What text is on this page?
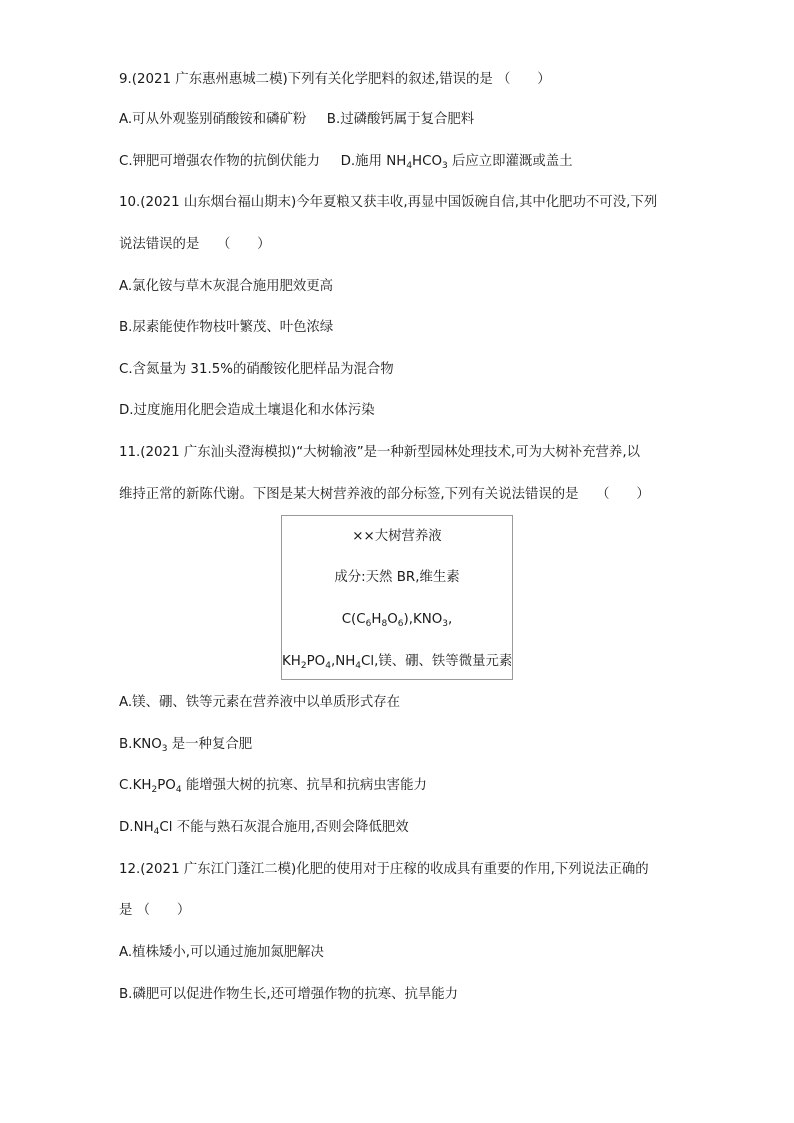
9.(2021 广东惠州惠城二模)下列有关化学肥料的叙述,错误的是 （　　）
A.可从外观鉴别硝酸铵和磷矿粉 B.过磷酸钙属于复合肥料
C.钾肥可增强农作物的抗倒伏能力 D.施用 $NH_4HCO_3$ 后应立即灌溉或盖土
10.(2021 山东烟台福山期末)今年夏粮又获丰收,再显中国饭碗自信,其中化肥功不可没,下列
说法错误的是　 （　　）
A.氯化铵与草木灰混合施用肥效更高
B.尿素能使作物枝叶繁茂、叶色浓绿
C.含氮量为 31.5%的硝酸铵化肥样品为混合物
D.过度施用化肥会造成土壤退化和水体污染
11.(2021 广东汕头澄海模拟)“大树输液”是一种新型园林处理技术,可为大树补充营养,以
维持正常的新陈代谢。下图是某大树营养液的部分标签,下列有关说法错误的是　 （　　）
××大树营养液
成分:天然 BR,维生素
$C(C_6H_8O_6),KNO_3$,
$KH_2PO_4,NH_4Cl$,镁、硼、铁等微量元素
A.镁、硼、铁等元素在营养液中以单质形式存在
$B.KNO_3$ 是一种复合肥
$C.KH_2PO_4$ 能增强大树的抗寒、抗旱和抗病虫害能力
$D.NH_4Cl$ 不能与熟石灰混合施用,否则会降低肥效
12.(2021 广东江门蓬江二模)化肥的使用对于庄稼的收成具有重要的作用,下列说法正确的
是 （　　）
A.植株矮小,可以通过施加氮肥解决
B.磷肥可以促进作物生长,还可增强作物的抗寒、抗旱能力
